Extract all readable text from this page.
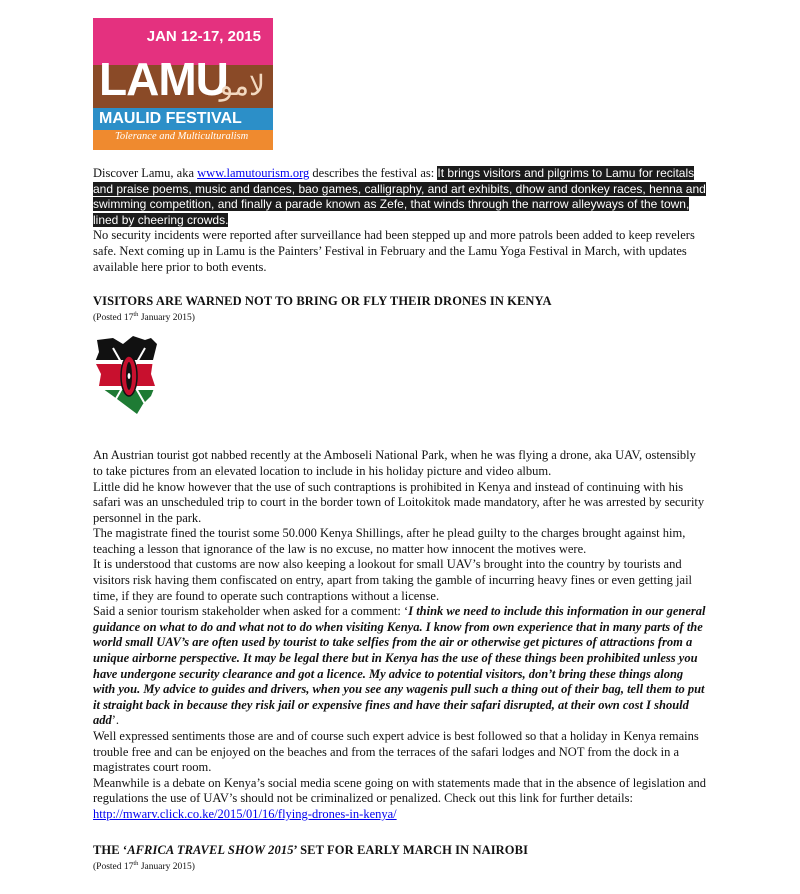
JAN 12-17, 2015
LAMU
لامو
MAULID FESTIVAL
Tolerance and Multiculturalism

Discover Lamu, aka www.lamutourism.org describes the festival as: It brings visitors and pilgrims to Lamu for recitals and praise poems, music and dances, bao games, calligraphy, and art exhibits, dhow and donkey races, henna and swimming competition, and finally a parade known as Zefe, that winds through the narrow alleyways of the town, lined by cheering crowds.

No security incidents were reported after surveillance had been stepped up and more patrols been added to keep revelers safe. Next coming up in Lamu is the Painters’ Festival in February and the Lamu Yoga Festival in March, with updates available here prior to both events.

VISITORS ARE WARNED NOT TO BRING OR FLY THEIR DRONES IN KENYA
(Posted 17th January 2015)

An Austrian tourist got nabbed recently at the Amboseli National Park, when he was flying a drone, aka UAV, ostensibly to take pictures from an elevated location to include in his holiday picture and video album.

Little did he know however that the use of such contraptions is prohibited in Kenya and instead of continuing with his safari was an unscheduled trip to court in the border town of Loitokitok made mandatory, after he was arrested by security personnel in the park.

The magistrate fined the tourist some 50.000 Kenya Shillings, after he plead guilty to the charges brought against him, teaching a lesson that ignorance of the law is no excuse, no matter how innocent the motives were.

It is understood that customs are now also keeping a lookout for small UAV’s brought into the country by tourists and visitors risk having them confiscated on entry, apart from taking the gamble of incurring heavy fines or even getting jail time, if they are found to operate such contraptions without a license.

Said a senior tourism stakeholder when asked for a comment: ‘I think we need to include this information in our general guidance on what to do and what not to do when visiting Kenya. I know from own experience that in many parts of the world small UAV’s are often used by tourist to take selfies from the air or otherwise get pictures of attractions from a unique airborne perspective. It may be legal there but in Kenya has the use of these things been prohibited unless you have undergone security clearance and got a licence. My advice to potential visitors, don’t bring these things along with you. My advice to guides and drivers, when you see any wagenis pull such a thing out of their bag, tell them to put it straight back in because they risk jail or expensive fines and have their safari disrupted, at their own cost I should add’.

Well expressed sentiments those are and of course such expert advice is best followed so that a holiday in Kenya remains trouble free and can be enjoyed on the beaches and from the terraces of the safari lodges and NOT from the dock in a magistrates court room.

Meanwhile is a debate on Kenya’s social media scene going on with statements made that in the absence of legislation and regulations the use of UAV’s should not be criminalized or penalized. Check out this link for further details: http://mwarv.click.co.ke/2015/01/16/flying-drones-in-kenya/

THE ‘AFRICA TRAVEL SHOW 2015’ SET FOR EARLY MARCH IN NAIROBI
(Posted 17th January 2015)
